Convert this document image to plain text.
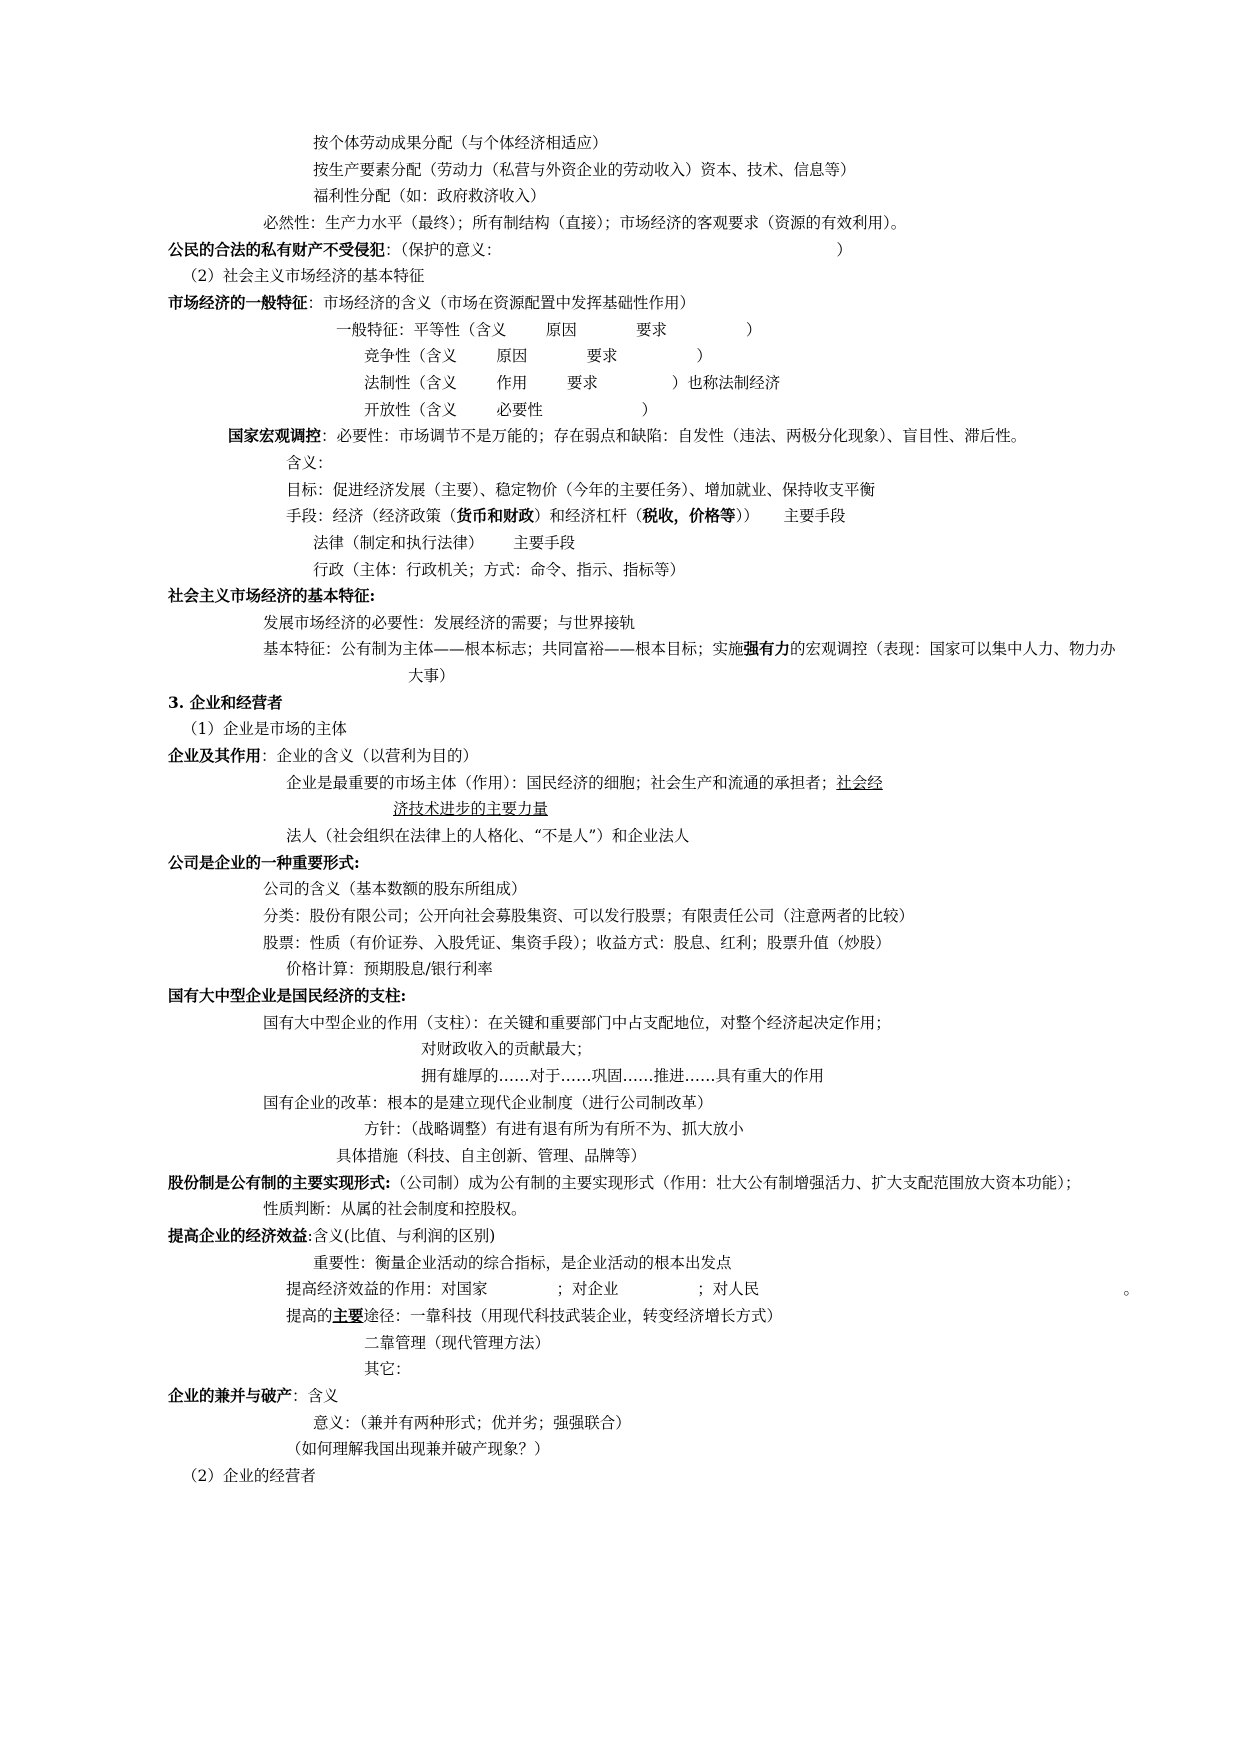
按个体劳动成果分配（与个体经济相适应）
按生产要素分配（劳动力（私营与外资企业的劳动收入）资本、技术、信息等）
福利性分配（如：政府救济收入）
必然性：生产力水平（最终）；所有制结构（直接）；市场经济的客观要求（资源的有效利用）。
公民的合法的私有财产不受侵犯：（保护的意义：                                                                    ）
（2）社会主义市场经济的基本特征
市场经济的一般特征：市场经济的含义（市场在资源配置中发挥基础性作用）
一般特征：平等性（含义        原因            要求                ）
竞争性（含义        原因            要求                ）
法制性（含义        作用        要求               ）也称法制经济
开放性（含义        必要性                    ）
国家宏观调控：必要性：市场调节不是万能的；存在弱点和缺陷：自发性（违法、两极分化现象）、盲目性、滞后性。
含义：
目标：促进经济发展（主要）、稳定物价（今年的主要任务）、增加就业、保持收支平衡
手段：经济（经济政策（货币和财政）和经济杠杆（税收，价格等））     主要手段
法律（制定和执行法律）      主要手段
行政（主体：行政机关；方式：命令、指示、指标等）
社会主义市场经济的基本特征:
发展市场经济的必要性：发展经济的需要；与世界接轨
基本特征：公有制为主体——根本标志；共同富裕——根本目标；实施强有力的宏观调控（表现：国家可以集中人力、物力办大事）
3. 企业和经营者
（1）企业是市场的主体
企业及其作用：企业的含义（以营利为目的）
企业是最重要的市场主体（作用）：国民经济的细胞；社会生产和流通的承担者；社会经
济技术进步的主要力量
法人（社会组织在法律上的人格化、“不是人”）和企业法人
公司是企业的一种重要形式:
公司的含义（基本数额的股东所组成）
分类：股份有限公司；公开向社会募股集资、可以发行股票；有限责任公司（注意两者的比较）
股票：性质（有价证券、入股凭证、集资手段）；收益方式：股息、红利；股票升值（炒股）
价格计算：预期股息/银行利率
国有大中型企业是国民经济的支柱:
国有大中型企业的作用（支柱）：在关键和重要部门中占支配地位，对整个经济起决定作用；
对财政收入的贡献最大；
拥有雄厚的……对于……巩固……推进……具有重大的作用
国有企业的改革：根本的是建立现代企业制度（进行公司制改革）
方针：（战略调整）有进有退有所为有所不为、抓大放小
具体措施（科技、自主创新、管理、品牌等）
股份制是公有制的主要实现形式:（公司制）成为公有制的主要实现形式（作用：壮大公有制增强活力、扩大支配范围放大资本功能）；
性质判断：从属的社会制度和控股权。
提高企业的经济效益:含义(比值、与利润的区别)
重要性：衡量企业活动的综合指标，是企业活动的根本出发点
提高经济效益的作用：对国家              ；对企业                ；对人民	。
提高的主要途径：一靠科技（用现代科技武装企业，转变经济增长方式）
二靠管理（现代管理方法）
其它：
企业的兼并与破产：含义
意义：（兼并有两种形式；优并劣；强强联合）
（如何理解我国出现兼并破产现象？）
（2）企业的经营者
